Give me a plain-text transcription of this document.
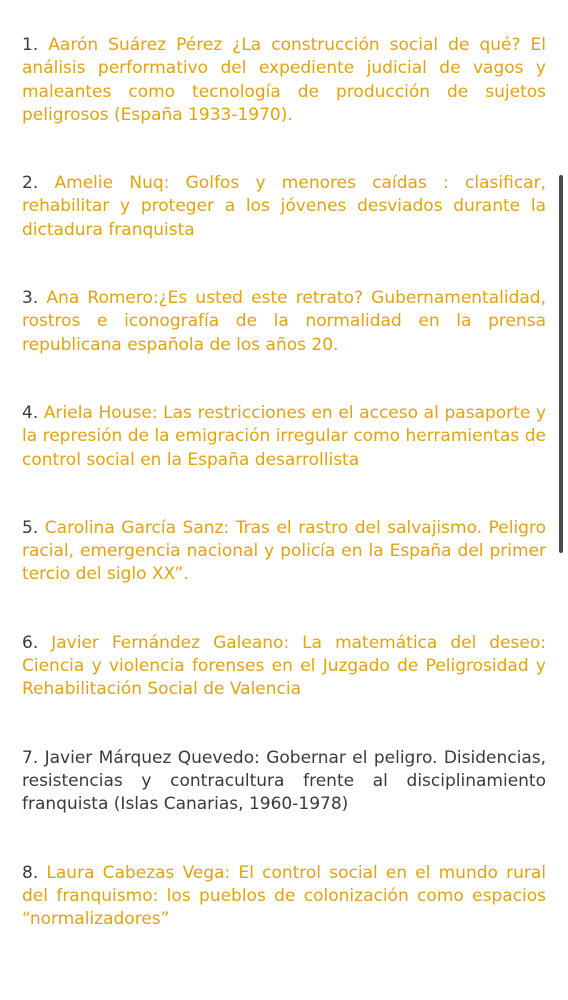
1. Aarón Suárez Pérez ¿La construcción social de qué? El análisis performativo del expediente judicial de vagos y maleantes como tecnología de producción de sujetos peligrosos (España 1933-1970).

2. Amelie Nuq: Golfos y menores caídas : clasificar, rehabilitar y proteger a los jóvenes desviados durante la dictadura franquista

3. Ana Romero:¿Es usted este retrato? Gubernamentalidad, rostros e iconografía de la normalidad en la prensa republicana española de los años 20.

4. Ariela House: Las restricciones en el acceso al pasaporte y la represión de la emigración irregular como herramientas de control social en la España desarrollista

5. Carolina García Sanz: Tras el rastro del salvajismo. Peligro racial, emergencia nacional y policía en la España del primer tercio del siglo XX”.

6. Javier Fernández Galeano: La matemática del deseo: Ciencia y violencia forenses en el Juzgado de Peligrosidad y Rehabilitación Social de Valencia

7. Javier Márquez Quevedo: Gobernar el peligro. Disidencias, resistencias y contracultura frente al disciplinamiento franquista (Islas Canarias, 1960-1978)

8. Laura Cabezas Vega: El control social en el mundo rural del franquismo: los pueblos de colonización como espacios “normalizadores”
